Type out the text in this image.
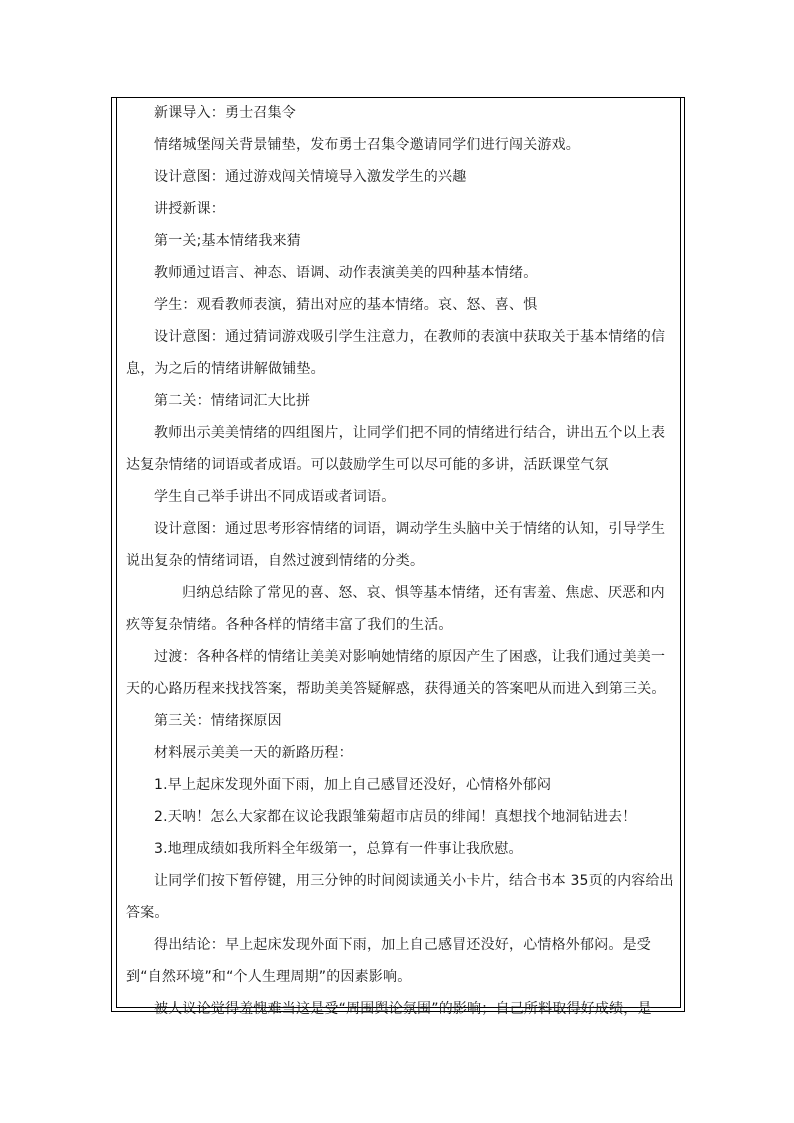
新课导入：勇士召集令

情绪城堡闯关背景铺垫，发布勇士召集令邀请同学们进行闯关游戏。

设计意图：通过游戏闯关情境导入激发学生的兴趣

讲授新课：

第一关;基本情绪我来猜

教师通过语言、神态、语调、动作表演美美的四种基本情绪。

学生：观看教师表演，猜出对应的基本情绪。哀、怒、喜、惧

设计意图：通过猜词游戏吸引学生注意力，在教师的表演中获取关于基本情绪的信息，为之后的情绪讲解做铺垫。

第二关：情绪词汇大比拼

教师出示美美情绪的四组图片，让同学们把不同的情绪进行结合，讲出五个以上表达复杂情绪的词语或者成语。可以鼓励学生可以尽可能的多讲，活跃课堂气氛

学生自己举手讲出不同成语或者词语。

设计意图：通过思考形容情绪的词语，调动学生头脑中关于情绪的认知，引导学生说出复杂的情绪词语，自然过渡到情绪的分类。

归纳总结除了常见的喜、怒、哀、惧等基本情绪，还有害羞、焦虑、厌恶和内疚等复杂情绪。各种各样的情绪丰富了我们的生活。

过渡：各种各样的情绪让美美对影响她情绪的原因产生了困惑，让我们通过美美一天的心路历程来找找答案，帮助美美答疑解惑，获得通关的答案吧从而进入到第三关。

第三关：情绪探原因

材料展示美美一天的新路历程：

1.早上起床发现外面下雨，加上自己感冒还没好，心情格外郁闷

2.天呐！怎么大家都在议论我跟雏菊超市店员的绯闻！真想找个地洞钻进去！

3.地理成绩如我所料全年级第一，总算有一件事让我欣慰。

让同学们按下暂停键，用三分钟的时间阅读通关小卡片，结合书本 35页的内容给出答案。

得出结论：早上起床发现外面下雨，加上自己感冒还没好，心情格外郁闷。是受到“自然环境”和“个人生理周期”的因素影响。

被人议论觉得羞愧难当这是受“周围舆论氛围”的影响；自己所料取得好成绩，是
